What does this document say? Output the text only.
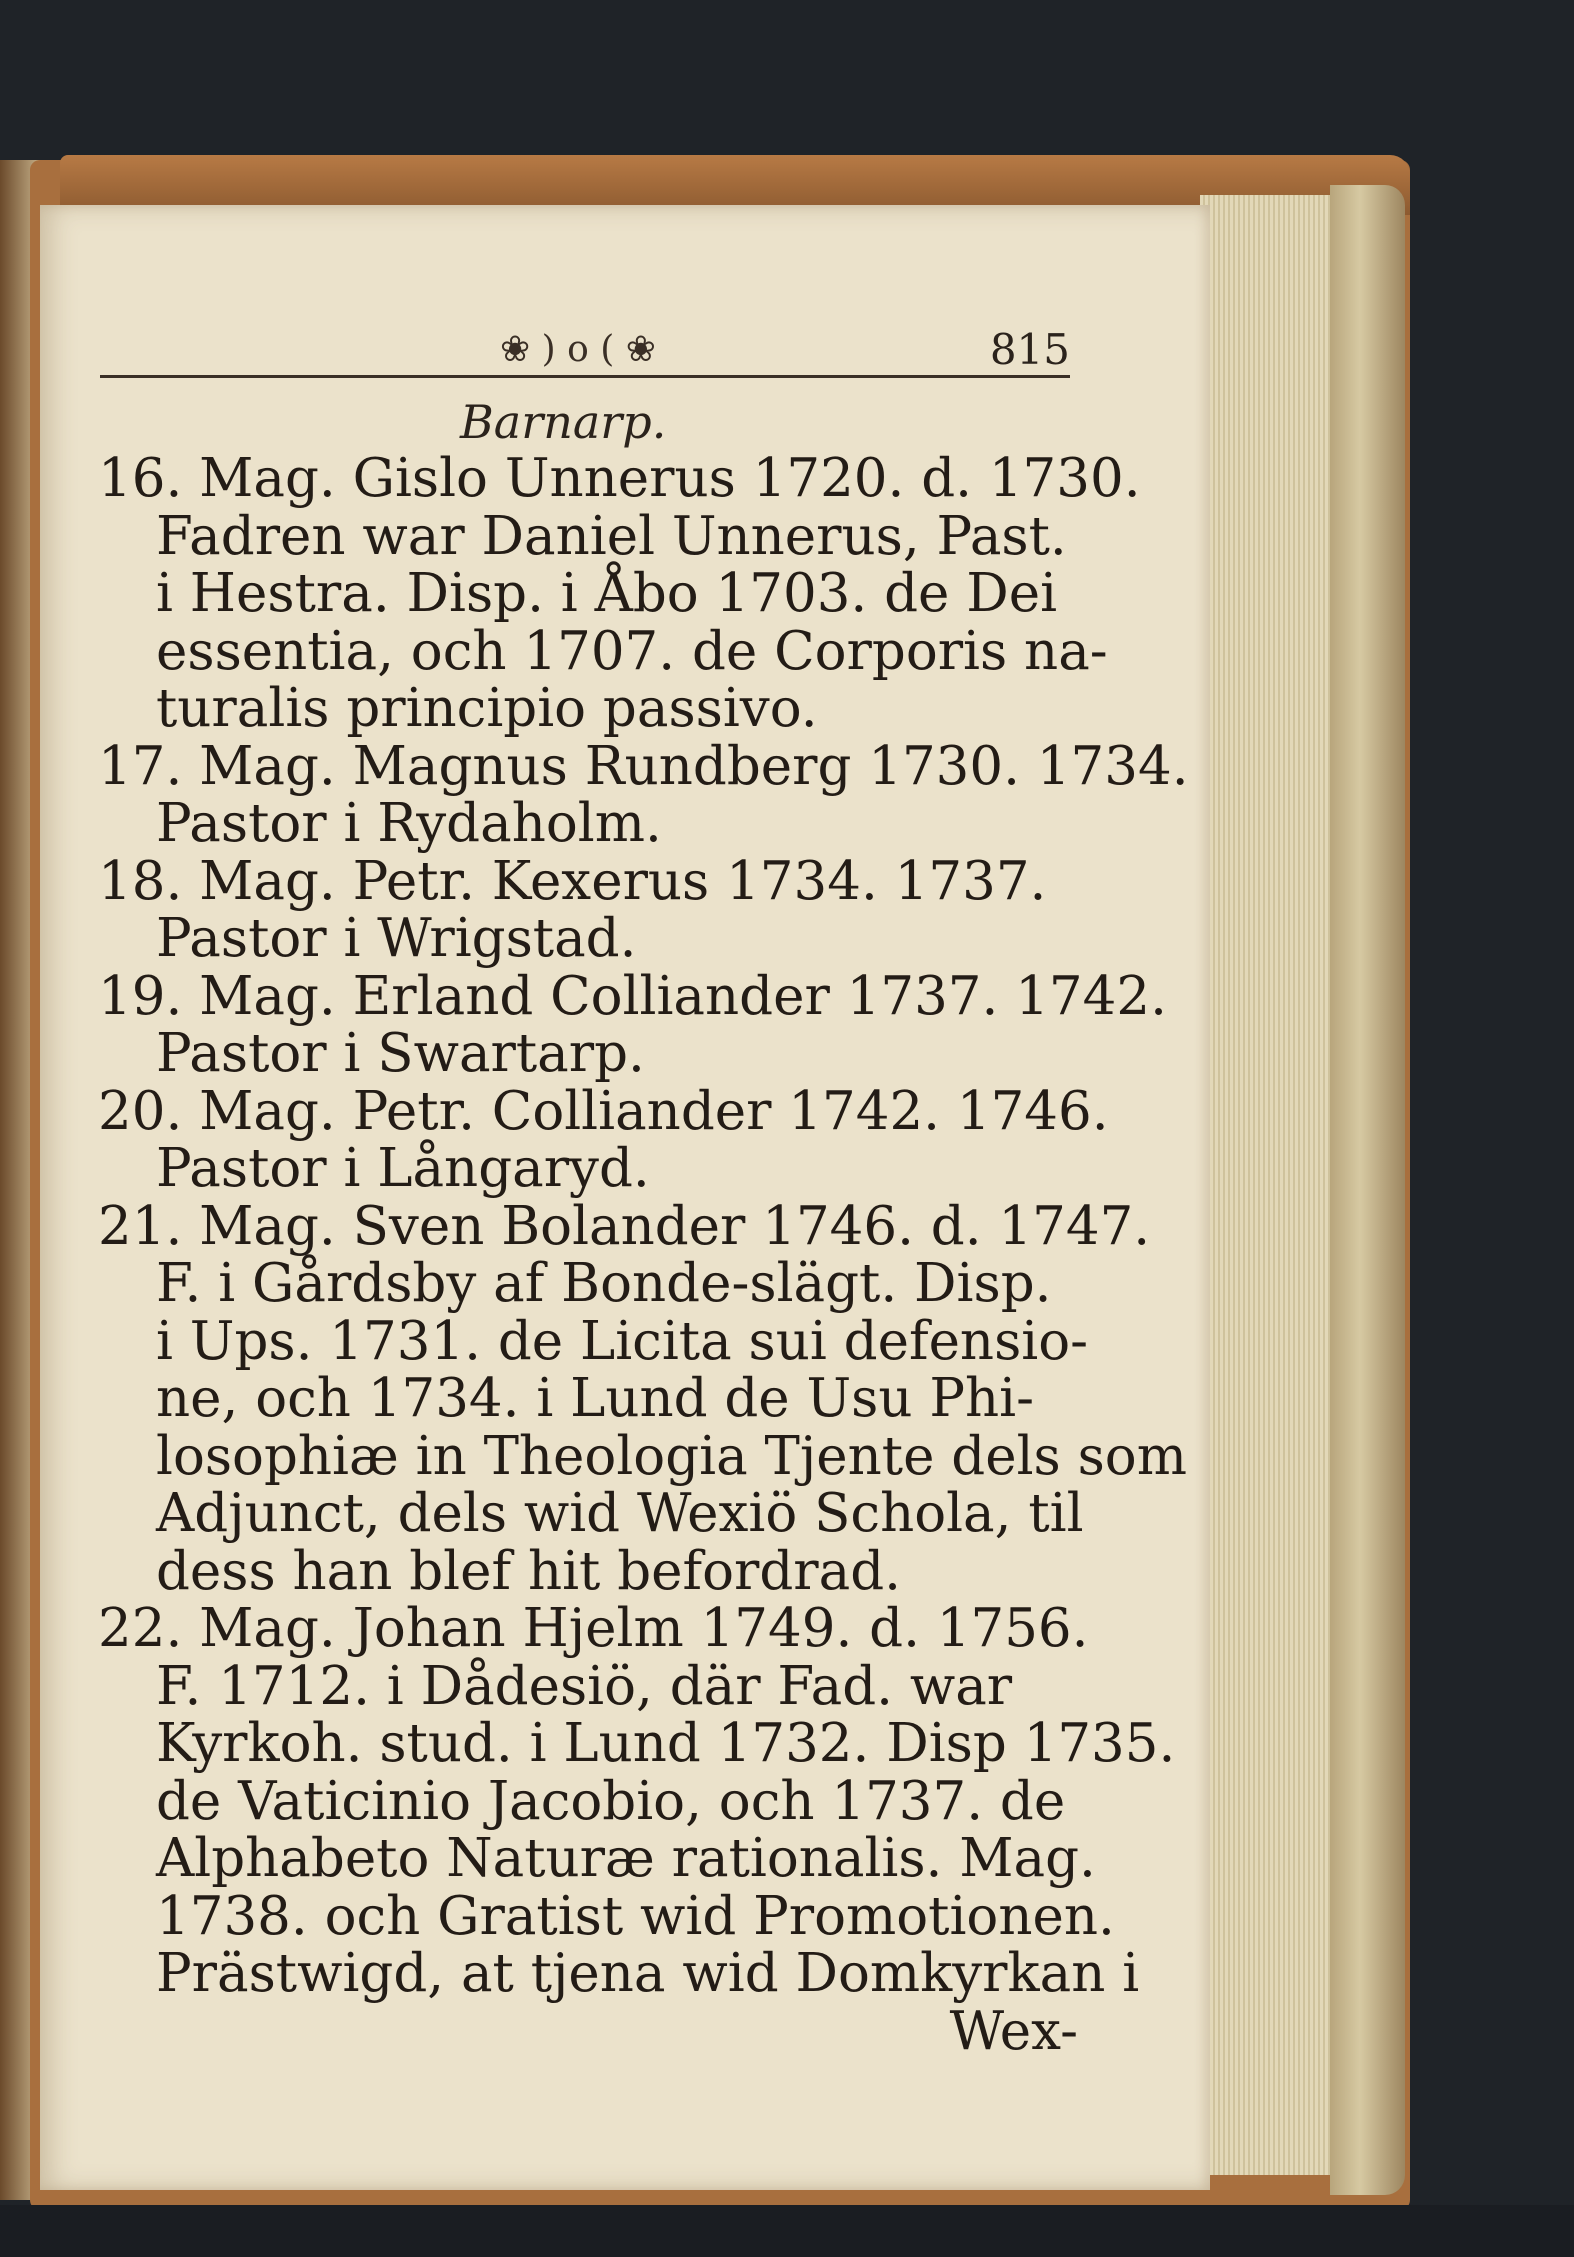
❀ ) o ( ❀	815
Barnarp.
16. Mag. Gislo Unnerus 1720. d. 1730.
Fadren war Daniel Unnerus, Past.
i Hestra. Disp. i Åbo 1703. de Dei
essentia, och 1707. de Corporis na-
turalis principio passivo.
17. Mag. Magnus Rundberg 1730. 1734.
Pastor i Rydaholm.
18. Mag. Petr. Kexerus 1734. 1737.
Pastor i Wrigstad.
19. Mag. Erland Colliander 1737. 1742.
Pastor i Swartarp.
20. Mag. Petr. Colliander 1742. 1746.
Pastor i Långaryd.
21. Mag. Sven Bolander 1746. d. 1747.
F. i Gårdsby af Bonde-slägt. Disp.
i Ups. 1731. de Licita sui defensio-
ne, och 1734. i Lund de Usu Phi-
losophiæ in Theologia Tjente dels som
Adjunct, dels wid Wexiö Schola, til
dess han blef hit befordrad.
22. Mag. Johan Hjelm 1749. d. 1756.
F. 1712. i Dådesiö, där Fad. war
Kyrkoh. stud. i Lund 1732. Disp 1735.
de Vaticinio Jacobio, och 1737. de
Alphabeto Naturæ rationalis. Mag.
1738. och Gratist wid Promotionen.
Prästwigd, at tjena wid Domkyrkan i
Wex-
